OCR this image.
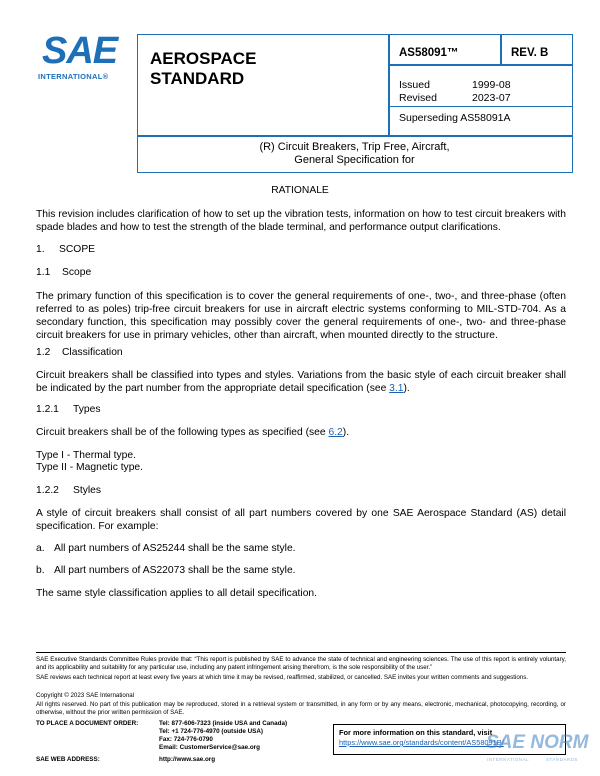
SAE
INTERNATIONAL®
AEROSPACE
STANDARD
AS58091™	REV. B
Issued	1999-08
Revised	2023-07
Superseding AS58091A
(R) Circuit Breakers, Trip Free, Aircraft,
General Specification for
RATIONALE
This revision includes clarification of how to set up the vibration tests, information on how to test circuit breakers with spade blades and how to test the strength of the blade terminal, and performance output clarifications.
1. SCOPE
1.1 Scope
The primary function of this specification is to cover the general requirements of one-, two-, and three-phase (often referred to as poles) trip-free circuit breakers for use in aircraft electric systems conforming to MIL-STD-704. As a secondary function, this specification may possibly cover the general requirements of one-, two- and three-phase circuit breakers for use in primary vehicles, other than aircraft, when mounted directly to the structure.
1.2 Classification
Circuit breakers shall be classified into types and styles. Variations from the basic style of each circuit breaker shall be indicated by the part number from the appropriate detail specification (see 3.1).
1.2.1 Types
Circuit breakers shall be of the following types as specified (see 6.2).
Type I - Thermal type.
Type II - Magnetic type.
1.2.2 Styles
A style of circuit breakers shall consist of all part numbers covered by one SAE Aerospace Standard (AS) detail specification. For example:
a. All part numbers of AS25244 shall be the same style.
b. All part numbers of AS22073 shall be the same style.
The same style classification applies to all detail specification.
SAE Executive Standards Committee Rules provide that: “This report is published by SAE to advance the state of technical and engineering sciences. The use of this report is entirely voluntary, and its applicability and suitability for any particular use, including any patent infringement arising therefrom, is the sole responsibility of the user.”
SAE reviews each technical report at least every five years at which time it may be revised, reaffirmed, stabilized, or cancelled. SAE invites your written comments and suggestions.
Copyright © 2023 SAE International
All rights reserved. No part of this publication may be reproduced, stored in a retrieval system or transmitted, in any form or by any means, electronic, mechanical, photocopying, recording, or otherwise, without the prior written permission of SAE.
TO PLACE A DOCUMENT ORDER:	Tel: 877-606-7323 (inside USA and Canada)
Tel: +1 724-776-4970 (outside USA)
Fax: 724-776-0790
Email: CustomerService@sae.org
SAE WEB ADDRESS:	http://www.sae.org
For more information on this standard, visit
https://www.sae.org/standards/content/AS58091B/
SAE NORM
INTERNATIONAL	STANDARDS
